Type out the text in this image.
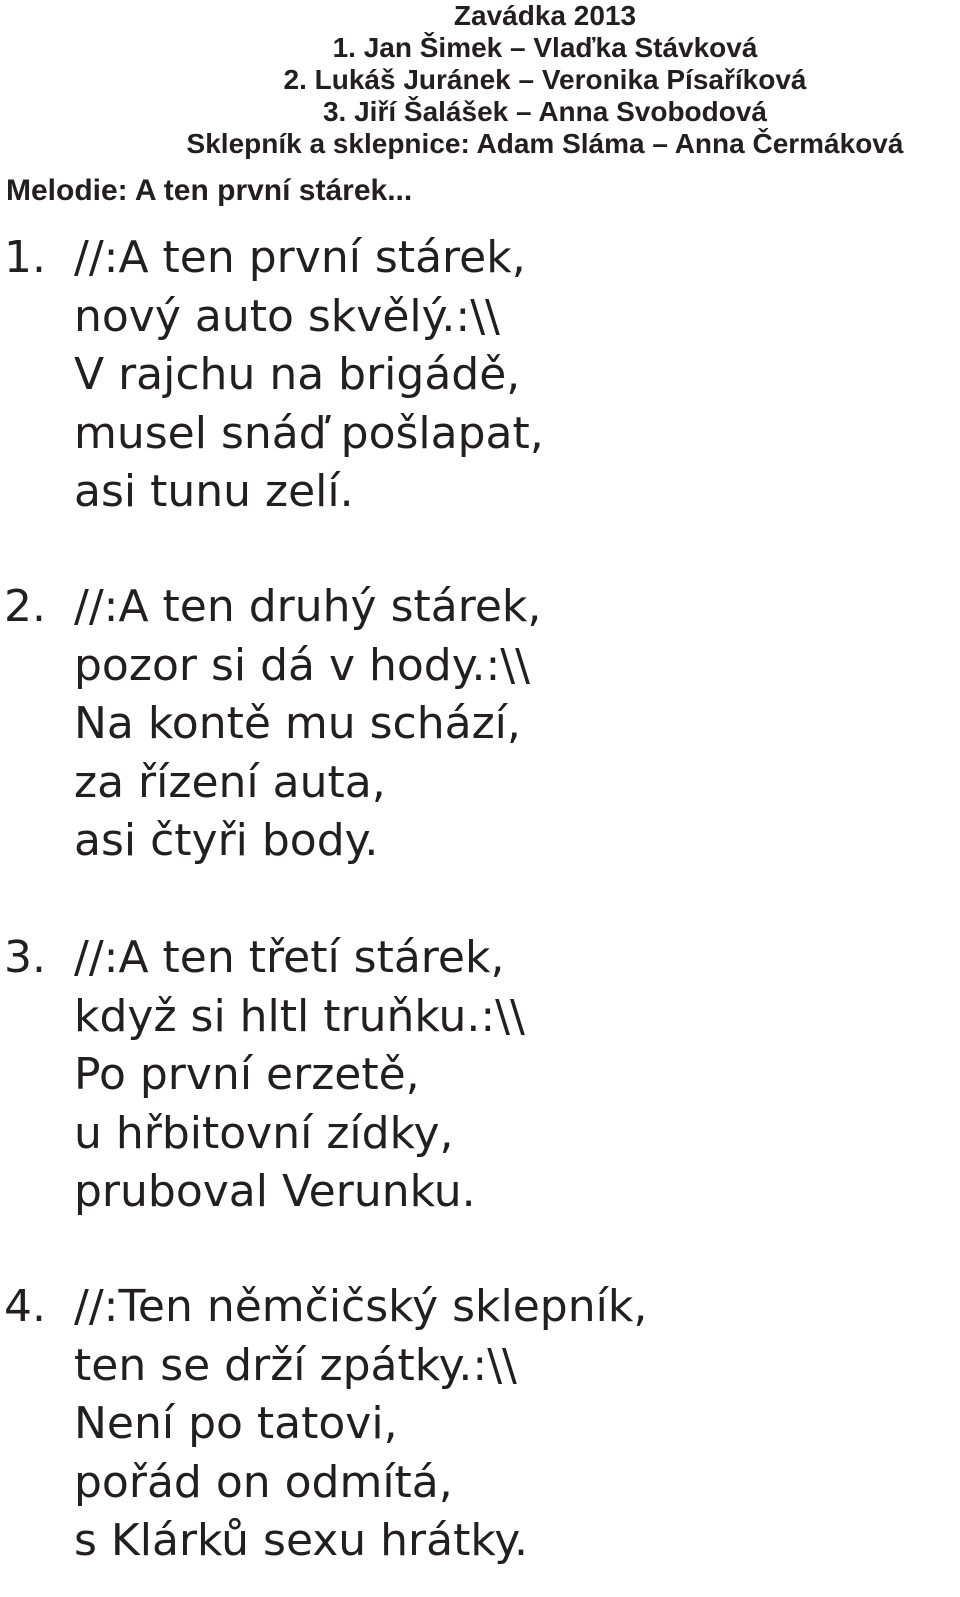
Zavádka 2013
1. Jan Šimek – Vlaďka Stávková
2. Lukáš Juránek – Veronika Písaříková
3. Jiří Šalášek – Anna Svobodová
Sklepník a sklepnice: Adam Sláma – Anna Čermáková
Melodie: A ten první stárek...
1. //:A ten první stárek,
nový auto skvělý.:\\
V rajchu na brigádě,
musel snáď pošlapat,
asi tunu zelí.
2. //:A ten druhý stárek,
pozor si dá v hody.:\\
Na kontě mu schází,
za řízení auta,
asi čtyři body.
3. //:A ten třetí stárek,
když si hltl truňku.:\\
Po první erzetě,
u hřbitovní zídky,
pruboval Verunku.
4. //:Ten němčičský sklepník,
ten se drží zpátky.:\\
Není po tatovi,
pořád on odmítá,
s Klárků sexu hrátky.
